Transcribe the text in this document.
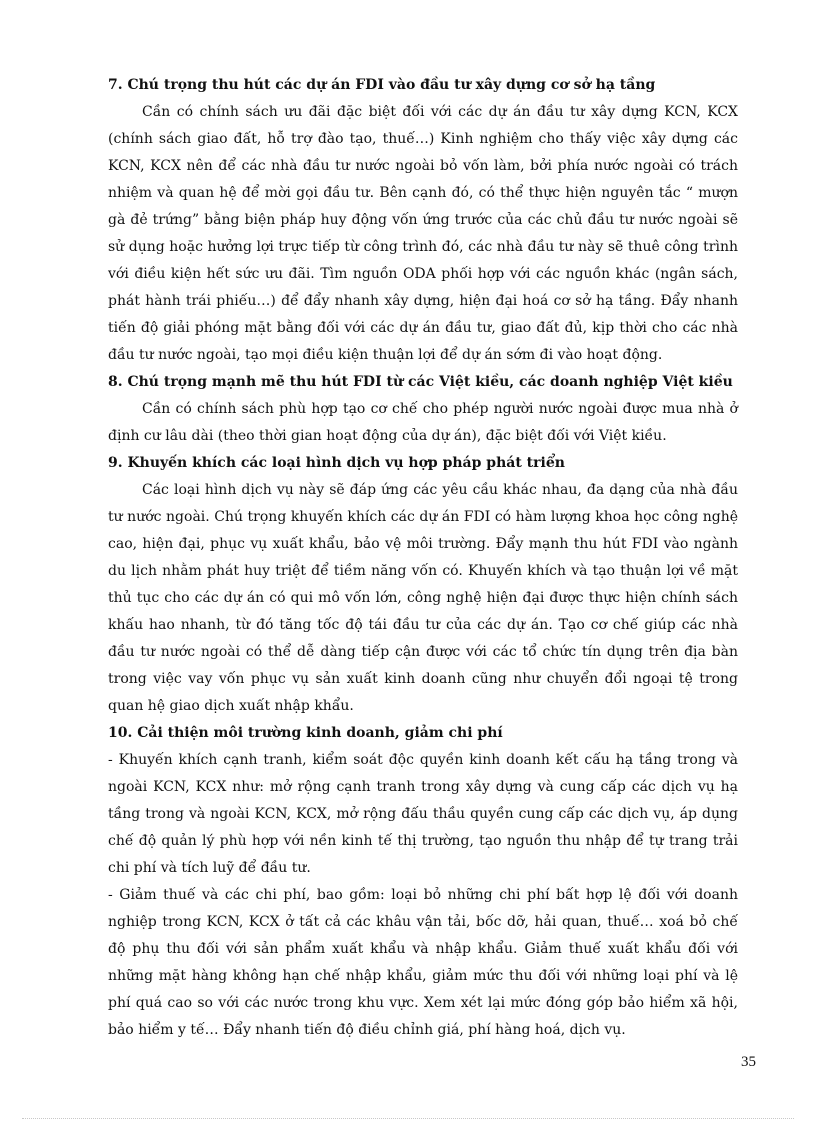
7. Chú trọng thu hút các dự án FDI vào đầu tư xây dựng cơ sở hạ tầng

Cần có chính sách ưu đãi đặc biệt đối với các dự án đầu tư xây dựng KCN, KCX (chính sách giao đất, hỗ trợ đào tạo, thuế…) Kinh nghiệm cho thấy việc xây dựng các KCN, KCX nên để các nhà đầu tư nước ngoài bỏ vốn làm, bởi phía nước ngoài có trách nhiệm và quan hệ để mời gọi đầu tư. Bên cạnh đó, có thể thực hiện nguyên tắc “ mượn gà đẻ trứng” bằng biện pháp huy động vốn ứng trước của các chủ đầu tư nước ngoài sẽ sử dụng hoặc hưởng lợi trực tiếp từ công trình đó, các nhà đầu tư này sẽ thuê công trình với điều kiện hết sức ưu đãi. Tìm nguồn ODA phối hợp với các nguồn khác (ngân sách, phát hành trái phiếu…) để đẩy nhanh xây dựng, hiện đại hoá cơ sở hạ tầng. Đẩy nhanh tiến độ giải phóng mặt bằng đối với các dự án đầu tư, giao đất đủ, kịp thời cho các nhà đầu tư nước ngoài, tạo mọi điều kiện thuận lợi để dự án sớm đi vào hoạt động.

8. Chú trọng mạnh mẽ thu hút FDI từ các Việt kiều, các doanh nghiệp Việt kiều

Cần có chính sách phù hợp tạo cơ chế cho phép người nước ngoài được mua nhà ở định cư lâu dài (theo thời gian hoạt động của dự án), đặc biệt đối với Việt kiều.

9. Khuyến khích các loại hình dịch vụ hợp pháp phát triển

Các loại hình dịch vụ này sẽ đáp ứng các yêu cầu khác nhau, đa dạng của nhà đầu tư nước ngoài. Chú trọng khuyến khích các dự án FDI có hàm lượng khoa học công nghệ cao, hiện đại, phục vụ xuất khẩu, bảo vệ môi trường. Đẩy mạnh thu hút FDI vào ngành du lịch nhằm phát huy triệt để tiềm năng vốn có. Khuyến khích và tạo thuận lợi về mặt thủ tục cho các dự án có qui mô vốn lớn, công nghệ hiện đại được thực hiện chính sách khấu hao nhanh, từ đó tăng tốc độ tái đầu tư của các dự án. Tạo cơ chế giúp các nhà đầu tư nước ngoài có thể dễ dàng tiếp cận được với các tổ chức tín dụng trên địa bàn trong việc vay vốn phục vụ sản xuất kinh doanh cũng như chuyển đổi ngoại tệ trong quan hệ giao dịch xuất nhập khẩu.

10. Cải thiện môi trường kinh doanh, giảm chi phí

- Khuyến khích cạnh tranh, kiểm soát độc quyền kinh doanh kết cấu hạ tầng trong và ngoài KCN, KCX như: mở rộng cạnh tranh trong xây dựng và cung cấp các dịch vụ hạ tầng trong và ngoài KCN, KCX, mở rộng đấu thầu quyền cung cấp các dịch vụ, áp dụng chế độ quản lý phù hợp với nền kinh tế thị trường, tạo nguồn thu nhập để tự trang trải chi phí và tích luỹ để đầu tư.

- Giảm thuế và các chi phí, bao gồm: loại bỏ những chi phí bất hợp lệ đối với doanh nghiệp trong KCN, KCX ở tất cả các khâu vận tải, bốc dỡ, hải quan, thuế… xoá bỏ chế độ phụ thu đối với sản phẩm xuất khẩu và nhập khẩu. Giảm thuế xuất khẩu đối với những mặt hàng không hạn chế nhập khẩu, giảm mức thu đối với những loại phí và lệ phí quá cao so với các nước trong khu vực. Xem xét lại mức đóng góp bảo hiểm xã hội, bảo hiểm y tế… Đẩy nhanh tiến độ điều chỉnh giá, phí hàng hoá, dịch vụ.

35
